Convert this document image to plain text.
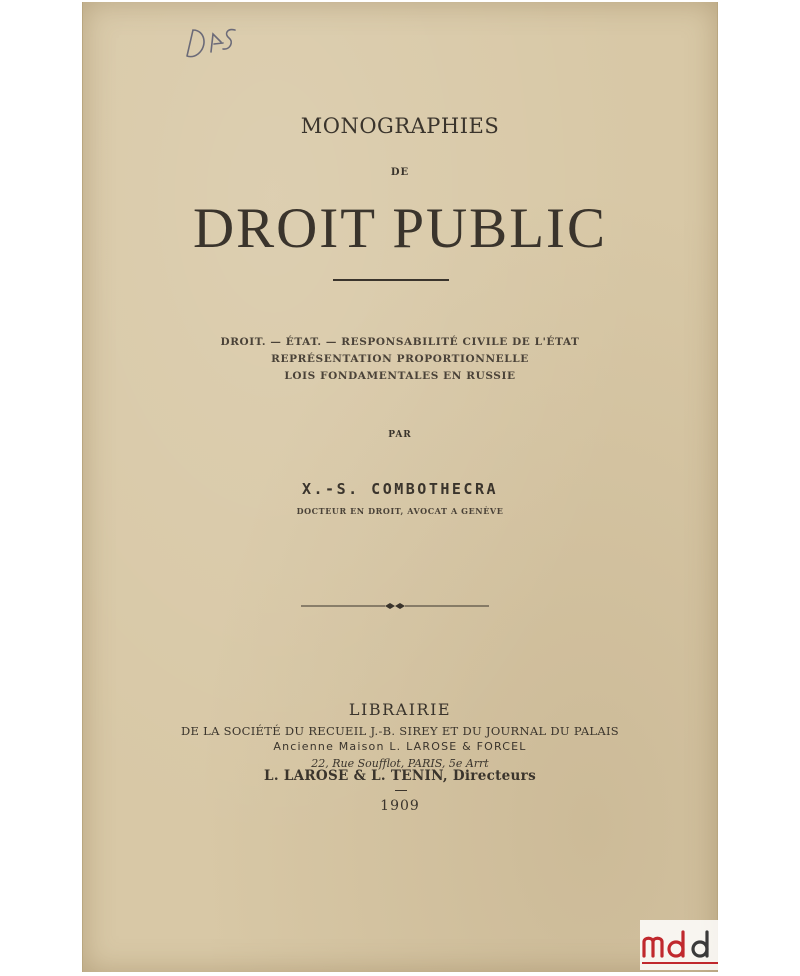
MONOGRAPHIES
DE
DROIT PUBLIC
DROIT. — ÉTAT. — RESPONSABILITÉ CIVILE DE L'ÉTAT
REPRÉSENTATION PROPORTIONNELLE
LOIS FONDAMENTALES EN RUSSIE
PAR
X.-S. COMBOTHECRA
DOCTEUR EN DROIT, AVOCAT A GENÈVE
LIBRAIRIE
DE LA SOCIÉTÉ DU RECUEIL J.-B. SIREY ET DU JOURNAL DU PALAIS
Ancienne Maison L. LAROSE & FORCEL
22, Rue Soufflot, PARIS, 5e Arrt
L. LAROSE & L. TENIN, Directeurs
1909
